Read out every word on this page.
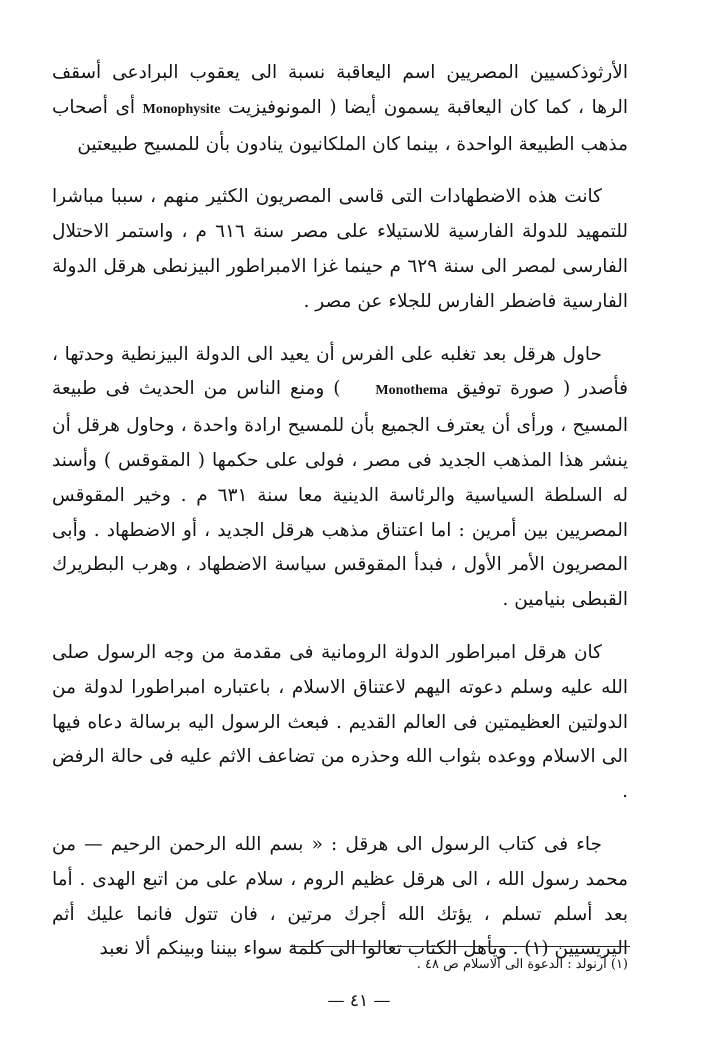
الأرثوذكسيين المصريين اسم اليعاقبة نسبة الى يعقوب البرادعى أسقف الرها ، كما كان اليعاقبة يسمون أيضا ( المونوفيزيت Monophysite أى أصحاب مذهب الطبيعة الواحدة ، بينما كان الملكانيون ينادون بأن للمسيح طبيعتين

كانت هذه الاضطهادات التى قاسى المصريون الكثير منهم ، سببا مباشرا للتمهيد للدولة الفارسية للاستيلاء على مصر سنة ٦١٦ م ، واستمر الاحتلال الفارسى لمصر الى سنة ٦٢٩ م حينما غزا الامبراطور البيزنطى هرقل الدولة الفارسية فاضطر الفارس للجلاء عن مصر .

حاول هرقل بعد تغلبه على الفرس أن يعيد الى الدولة البيزنطية وحدتها ، فأصدر ( صورة توفيق Monothema ) ومنع الناس من الحديث فى طبيعة المسيح ، ورأى أن يعترف الجميع بأن للمسيح ارادة واحدة ، وحاول هرقل أن ينشر هذا المذهب الجديد فى مصر ، فولى على حكمها ( المقوقس ) وأسند له السلطة السياسية والرئاسة الدينية معا سنة ٦٣١ م . وخير المقوقس المصريين بين أمرين : اما اعتناق مذهب هرقل الجديد ، أو الاضطهاد . وأبى المصريون الأمر الأول ، فبدأ المقوقس سياسة الاضطهاد ، وهرب البطريرك القبطى بنيامين .

كان هرقل امبراطور الدولة الرومانية فى مقدمة من وجه الرسول صلى الله عليه وسلم دعوته اليهم لاعتناق الاسلام ، باعتباره امبراطورا لدولة من الدولتين العظيمتين فى العالم القديم . فبعث الرسول اليه برسالة دعاه فيها الى الاسلام ووعده بثواب الله وحذره من تضاعف الاثم عليه فى حالة الرفض .

جاء فى كتاب الرسول الى هرقل : « بسم الله الرحمن الرحيم — من محمد رسول الله ، الى هرقل عظيم الروم ، سلام على من اتبع الهدى . أما بعد أسلم تسلم ، يؤتك الله أجرك مرتين ، فان تتول فانما عليك أثم اليريسيين (١) . ويأهل الكتاب تعالوا الى كلمة سواء بيننا وبينكم ألا نعبد

(١) أرنولد : الدعوة الى الاسلام ص ٤٨ .
— ٤١ —
